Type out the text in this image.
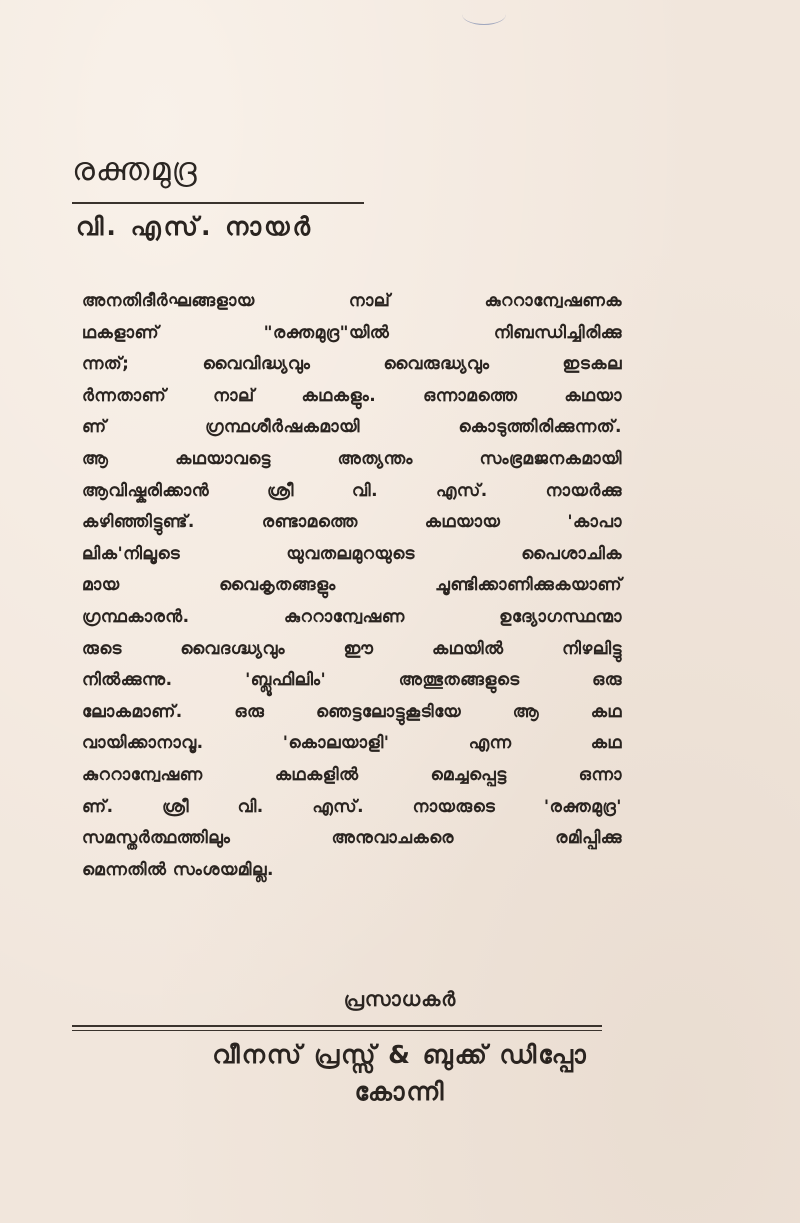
രക്തമുദ്ര
വി. എസ്. നായർ
അനതിദീർഘങ്ങളായ നാല് കുററാന്വേഷണക
ഥകളാണ് "രക്തമുദ്ര"യിൽ നിബന്ധിച്ചിരിക്കു
ന്നത്; വൈവിദ്ധ്യവും വൈരുദ്ധ്യവും ഇടകല
ർന്നതാണ് നാല് കഥകളും. ഒന്നാമത്തെ കഥയാ
ണ് ഗ്രന്ഥശീർഷകമായി കൊടുത്തിരിക്കുന്നത്.
ആ കഥയാവട്ടെ അത്യന്തം സംഭ്രമജനകമായി
ആവിഷ്കരിക്കാൻ ശ്രീ വി. എസ്. നായർക്കു
കഴിഞ്ഞിട്ടുണ്ട്. രണ്ടാമത്തെ കഥയായ 'കാപാ
ലിക'നിലൂടെ യുവതലമുറയുടെ പൈശാചിക
മായ വൈകൃതങ്ങളും ചൂണ്ടിക്കാണിക്കുകയാണ്
ഗ്രന്ഥകാരൻ. കുററാന്വേഷണ ഉദ്യോഗസ്ഥന്മാ
രുടെ വൈദഗ്ദ്ധ്യവും ഈ കഥയിൽ നിഴലിട്ടു
നിൽക്കുന്നു. 'ബ്ലൂഫിലിം' അത്ഭുതങ്ങളുടെ ഒരു
ലോകമാണ്. ഒരു ഞെട്ടലോട്ടുകൂടിയേ ആ കഥ
വായിക്കാനാവൂ. 'കൊലയാളി' എന്ന കഥ
കുററാന്വേഷണ കഥകളിൽ മെച്ചപ്പെട്ട ഒന്നാ
ണ്. ശ്രീ വി. എസ്. നായരുടെ 'രക്തമുദ്ര'
സമസ്തർത്ഥത്തിലും അനുവാചകരെ രമിപ്പിക്കു
മെന്നതിൽ സംശയമില്ല.
പ്രസാധകർ
വീനസ് പ്രസ്സ് & ബുക്ക് ഡിപ്പോ
കോന്നി
